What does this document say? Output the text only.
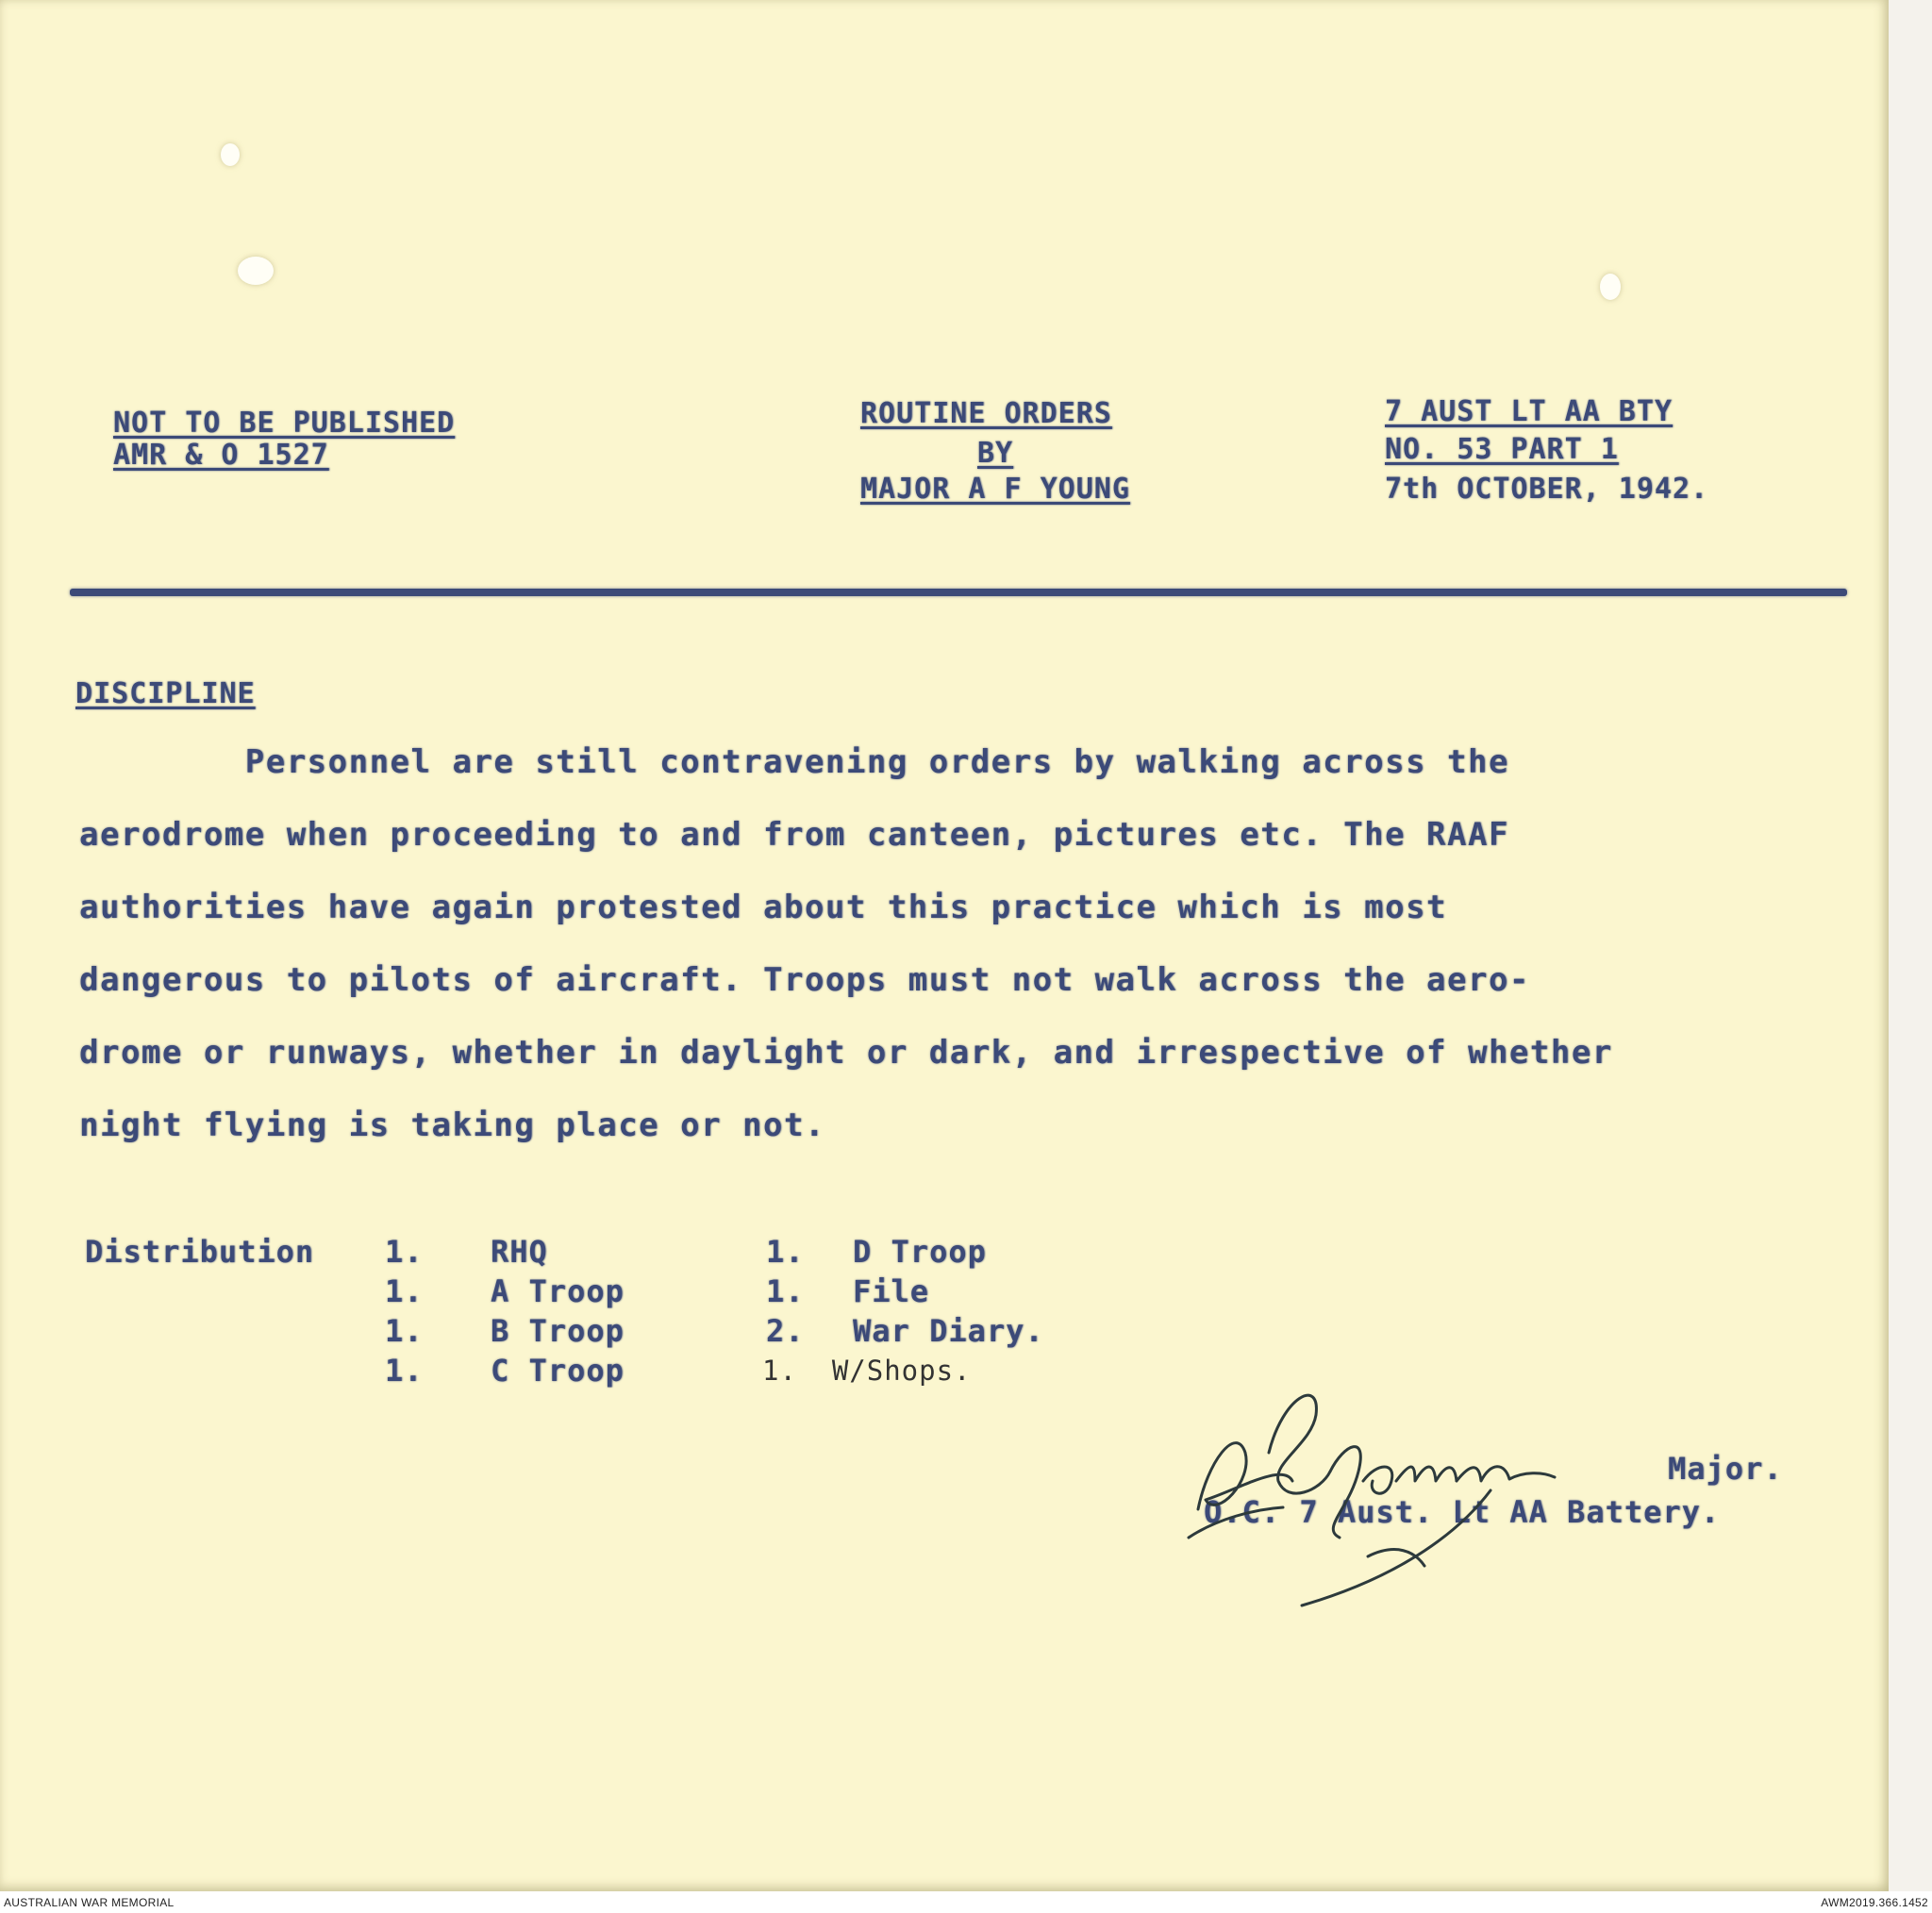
NOT TO BE PUBLISHED
AMR & O 1527
ROUTINE ORDERS
BY
MAJOR A F YOUNG
7 AUST LT AA BTY
NO. 53 PART 1
7th OCTOBER, 1942.
DISCIPLINE
Personnel are still contravening orders by walking across the
aerodrome when proceeding to and from canteen, pictures etc. The RAAF
authorities have again protested about this practice which is most
dangerous to pilots of aircraft. Troops must not walk across the aero-
drome or runways, whether in daylight or dark, and irrespective of whether
night flying is taking place or not.
Distribution 1. RHQ
1. A Troop
1. B Troop
1. C Troop
1. D Troop
1. File
2. War Diary.
1.  W/Shops.
Major.
O.C. 7 Aust. Lt AA Battery.
AUSTRALIAN WAR MEMORIAL	AWM2019.366.1452
